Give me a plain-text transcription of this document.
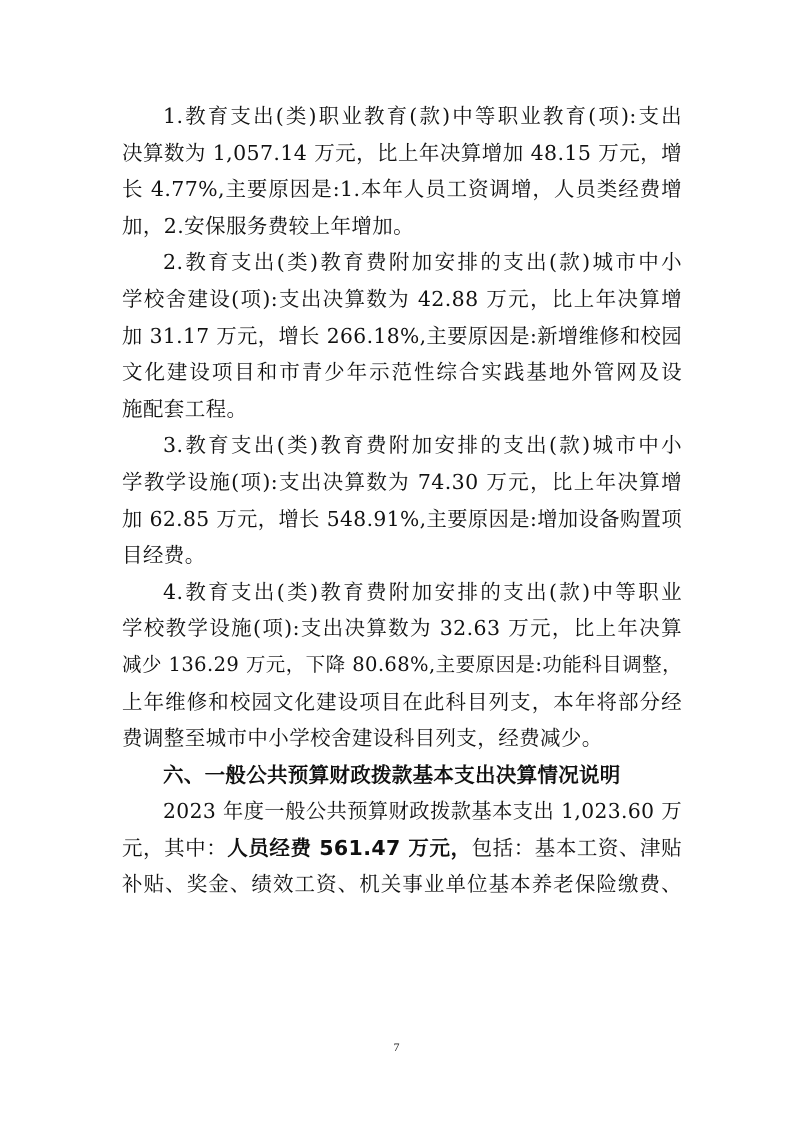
1.教育支出(类)职业教育(款)中等职业教育(项):支出
决算数为 1,057.14 万元，比上年决算增加 48.15 万元，增
长 4.77%,主要原因是:1.本年人员工资调增，人员类经费增
加，2.安保服务费较上年增加。
2.教育支出(类)教育费附加安排的支出(款)城市中小
学校舍建设(项):支出决算数为 42.88 万元，比上年决算增
加 31.17 万元，增长 266.18%,主要原因是:新增维修和校园
文化建设项目和市青少年示范性综合实践基地外管网及设
施配套工程。
3.教育支出(类)教育费附加安排的支出(款)城市中小
学教学设施(项):支出决算数为 74.30 万元，比上年决算增
加 62.85 万元，增长 548.91%,主要原因是:增加设备购置项
目经费。
4.教育支出(类)教育费附加安排的支出(款)中等职业
学校教学设施(项):支出决算数为 32.63 万元，比上年决算
减少 136.29 万元，下降 80.68%,主要原因是:功能科目调整，
上年维修和校园文化建设项目在此科目列支，本年将部分经
费调整至城市中小学校舍建设科目列支，经费减少。
六、一般公共预算财政拨款基本支出决算情况说明
2023 年度一般公共预算财政拨款基本支出 1,023.60 万
元，其中：人员经费 561.47 万元，包括：基本工资、津贴
补贴、奖金、绩效工资、机关事业单位基本养老保险缴费、
7
